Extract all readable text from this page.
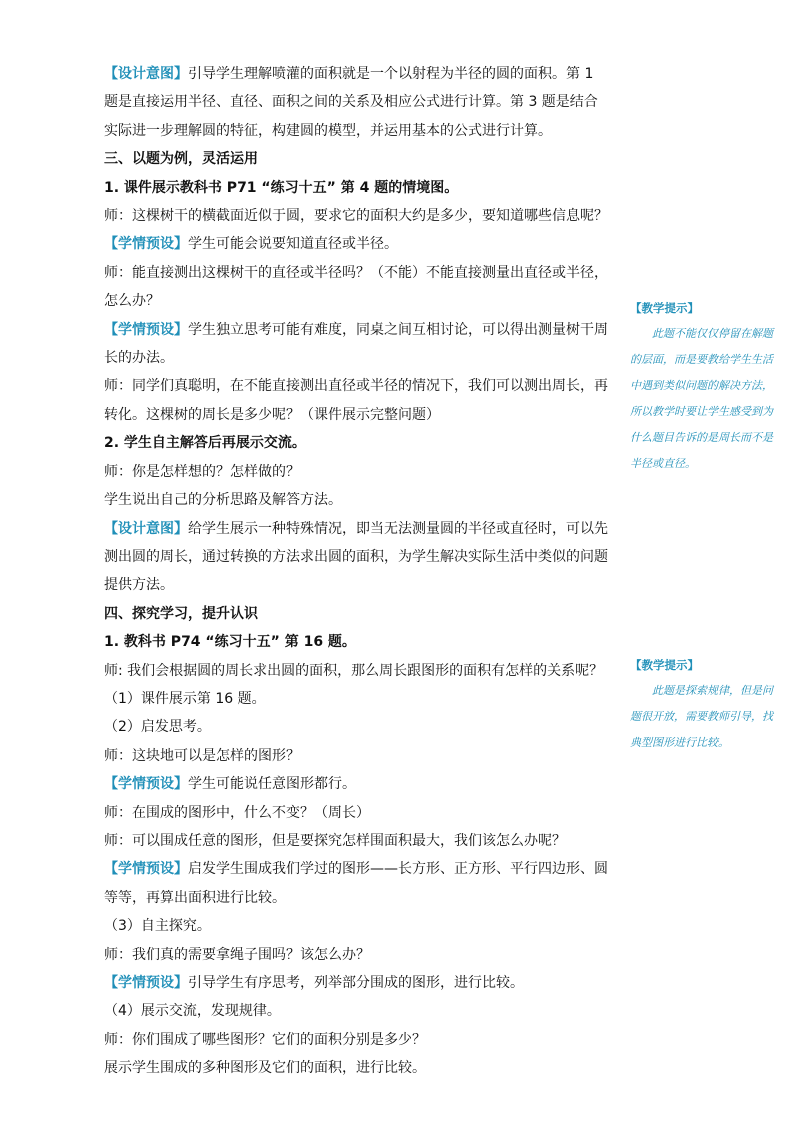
【设计意图】引导学生理解喷灌的面积就是一个以射程为半径的圆的面积。第 1 题是直接运用半径、直径、面积之间的关系及相应公式进行计算。第 3 题是结合实际进一步理解圆的特征，构建圆的模型，并运用基本的公式进行计算。

三、以题为例，灵活运用

1. 课件展示教科书 P71 “练习十五” 第 4 题的情境图。

师：这棵树干的横截面近似于圆，要求它的面积大约是多少，要知道哪些信息呢？

【学情预设】学生可能会说要知道直径或半径。

师：能直接测出这棵树干的直径或半径吗？（不能）不能直接测量出直径或半径，怎么办？

【学情预设】学生独立思考可能有难度，同桌之间互相讨论，可以得出测量树干周长的办法。

师：同学们真聪明，在不能直接测出直径或半径的情况下，我们可以测出周长，再转化。这棵树的周长是多少呢？（课件展示完整问题）

2. 学生自主解答后再展示交流。

师：你是怎样想的？怎样做的？

学生说出自己的分析思路及解答方法。

【设计意图】给学生展示一种特殊情况，即当无法测量圆的半径或直径时，可以先测出圆的周长，通过转换的方法求出圆的面积，为学生解决实际生活中类似的问题提供方法。

四、探究学习，提升认识

1. 教科书 P74 “练习十五” 第 16 题。

师: 我们会根据圆的周长求出圆的面积，那么周长跟图形的面积有怎样的关系呢？

（1）课件展示第 16 题。

（2）启发思考。

师：这块地可以是怎样的图形？

【学情预设】学生可能说任意图形都行。

师：在围成的图形中，什么不变？（周长）

师：可以围成任意的图形，但是要探究怎样围面积最大，我们该怎么办呢？

【学情预设】启发学生围成我们学过的图形——长方形、正方形、平行四边形、圆等等，再算出面积进行比较。

（3）自主探究。

师：我们真的需要拿绳子围吗？该怎么办？

【学情预设】引导学生有序思考，列举部分围成的图形，进行比较。

（4）展示交流，发现规律。

师：你们围成了哪些图形？它们的面积分别是多少？

展示学生围成的多种图形及它们的面积，进行比较。

【教学提示】
此题不能仅仅停留在解题的层面，而是要教给学生生活中遇到类似问题的解决方法，所以教学时要让学生感受到为什么题目告诉的是周长而不是半径或直径。
【教学提示】
此题是探索规律，但是问题很开放，需要教师引导，找典型图形进行比较。
